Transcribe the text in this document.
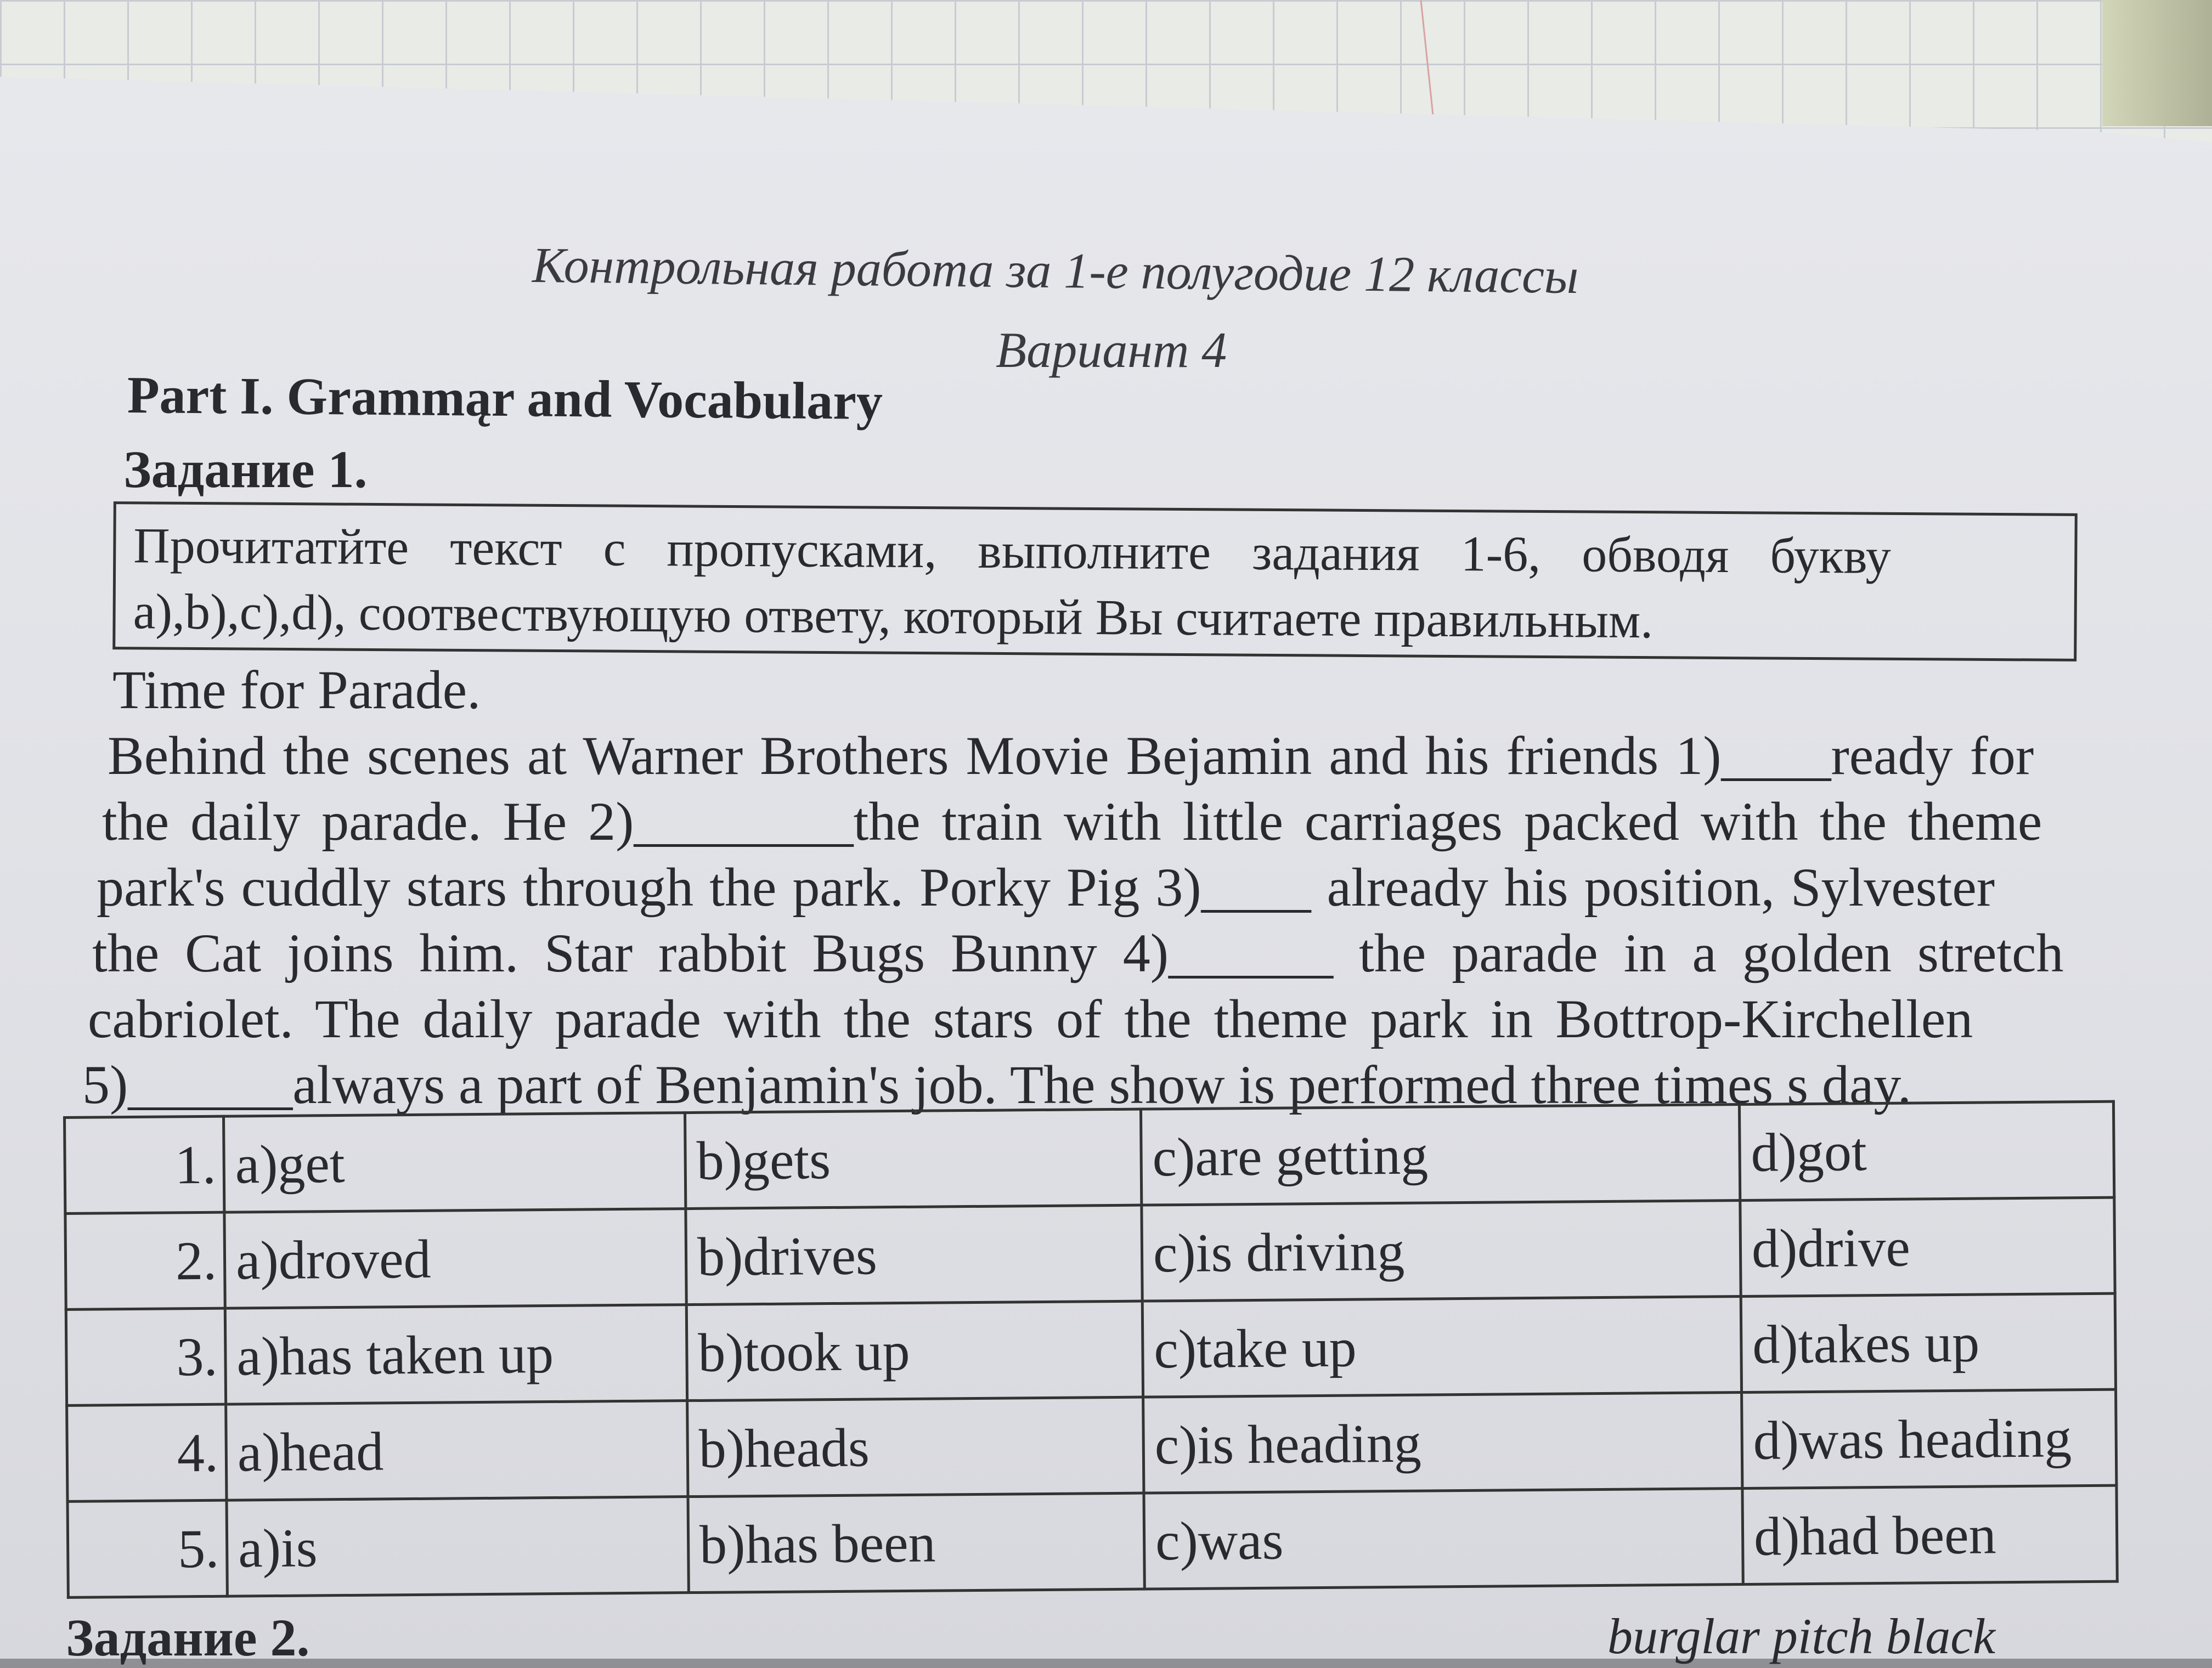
Контрольная работа за 1-е полугодие 12 классы
Вариант 4
Part I. Grammąr and Vocabulary
Задание 1.
Прочитатйте текст с пропусками, выполните задания 1-6, обводя букву
a),b),c),d), соотвествующую ответу, который Вы считаете правильным.
Time for Parade.
Behind the scenes at Warner Brothers Movie Bejamin and his friends 1)____ready for
the daily parade. He 2)________the train with little carriages packed with the theme
park's cuddly stars through the park. Porky Pig 3)____ already his position, Sylvester
the Cat joins him. Star rabbit Bugs Bunny 4)______ the parade in a golden stretch
cabriolet. The daily parade with the stars of the theme park in Bottrop-Kirchellen
5)______always a part of Benjamin's job. The show is performed three times s day.
1.	a)get	b)gets	c)are getting	d)got
2.	a)droved	b)drives	c)is driving	d)drive
3.	a)has taken up	b)took up	c)take up	d)takes up
4.	a)head	b)heads	c)is heading	d)was heading
5.	a)is	b)has been	c)was	d)had been
Задание 2.	burglar pitch black
